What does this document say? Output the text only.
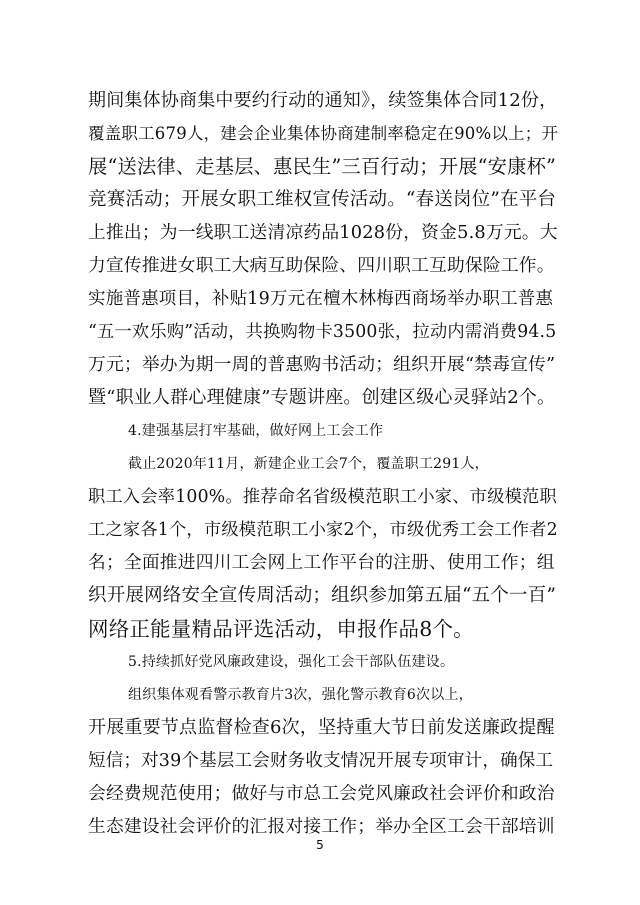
期间集体协商集中要约行动的通知》，续签集体合同12份，
覆盖职工679人，建会企业集体协商建制率稳定在90%以上；开
展“送法律、走基层、惠民生”三百行动；开展“安康杯”
竞赛活动；开展女职工维权宣传活动。“春送岗位”在平台
上推出；为一线职工送清凉药品1028份，资金5.8万元。大
力宣传推进女职工大病互助保险、四川职工互助保险工作。
实施普惠项目，补贴19万元在檀木林梅西商场举办职工普惠
“五一欢乐购”活动，共换购物卡3500张，拉动内需消费94.5
万元；举办为期一周的普惠购书活动；组织开展“禁毒宣传”
暨“职业人群心理健康”专题讲座。创建区级心灵驿站2个。
4.建强基层打牢基础，做好网上工会工作
截止2020年11月，新建企业工会7个，覆盖职工291人，
职工入会率100%。推荐命名省级模范职工小家、市级模范职
工之家各1个，市级模范职工小家2个，市级优秀工会工作者2
名；全面推进四川工会网上工作平台的注册、使用工作；组
织开展网络安全宣传周活动；组织参加第五届“五个一百”
网络正能量精品评选活动，申报作品8个。
5.持续抓好党风廉政建设，强化工会干部队伍建设。
组织集体观看警示教育片3次，强化警示教育6次以上，
开展重要节点监督检查6次，坚持重大节日前发送廉政提醒
短信；对39个基层工会财务收支情况开展专项审计，确保工
会经费规范使用；做好与市总工会党风廉政社会评价和政治
生态建设社会评价的汇报对接工作；举办全区工会干部培训
5
